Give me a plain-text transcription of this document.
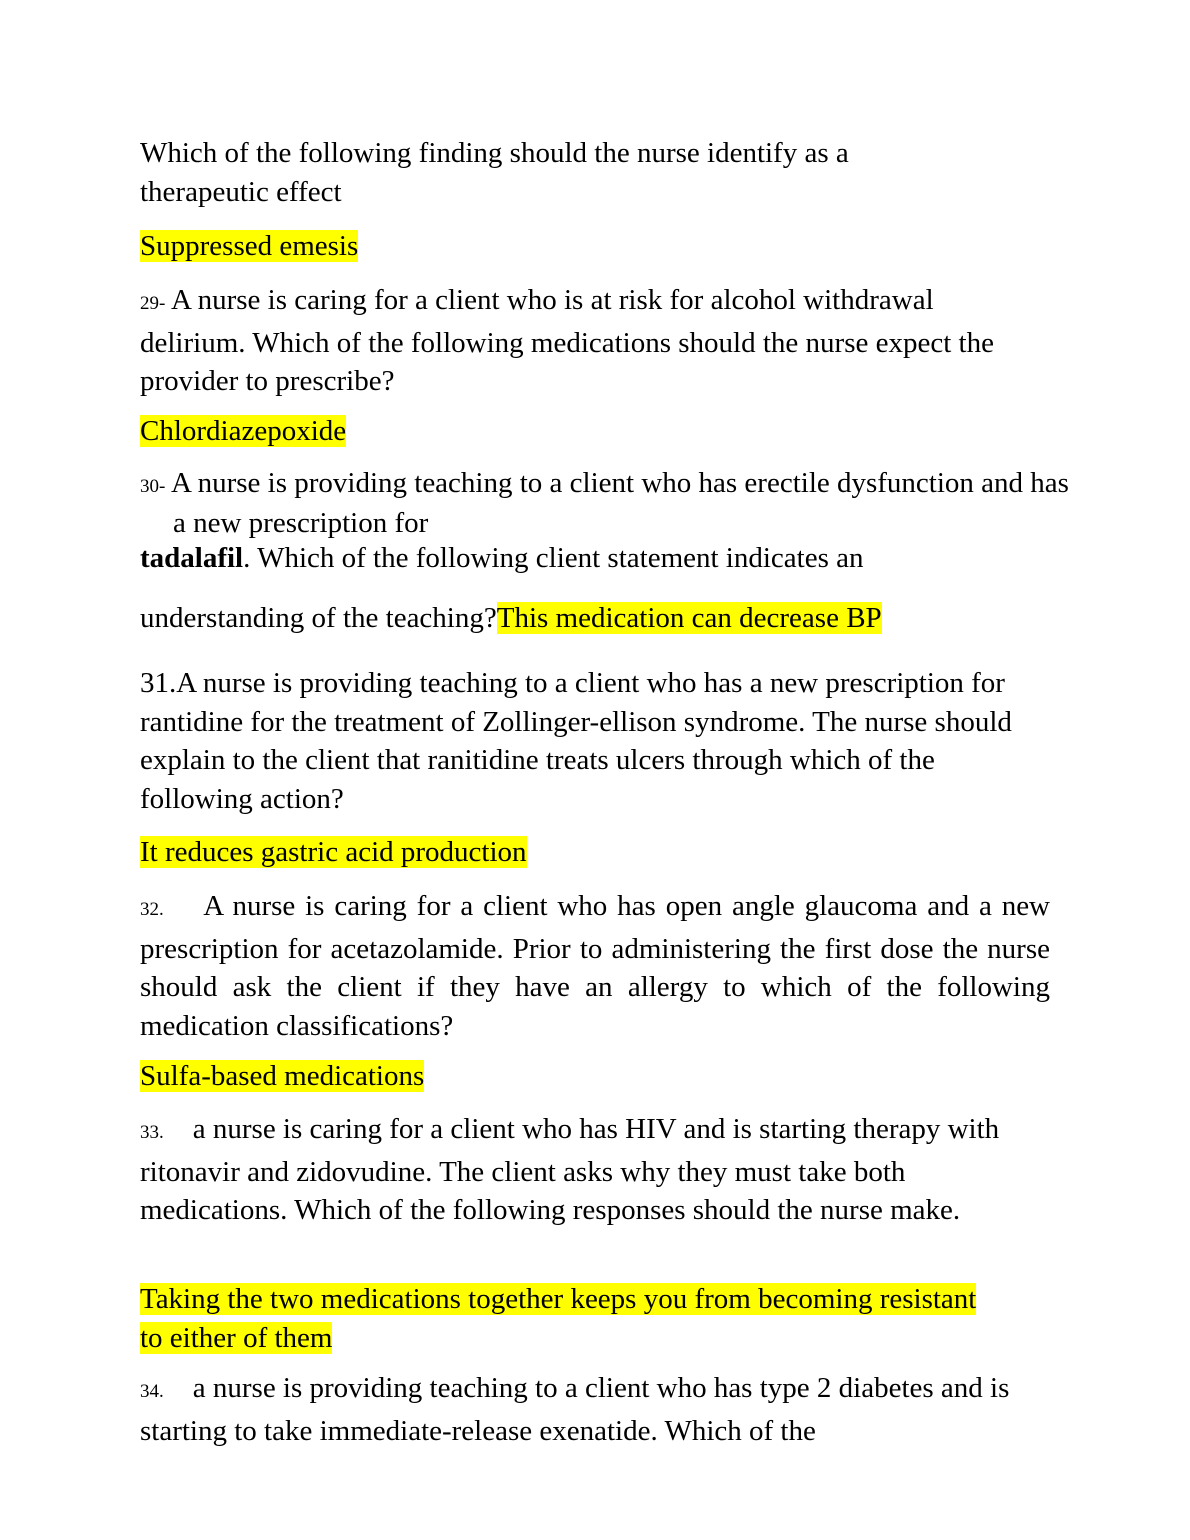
Which of the following finding should the nurse identify as a therapeutic effect

Suppressed emesis

29- A nurse is caring for a client who is at risk for alcohol withdrawal delirium. Which of the following medications should the nurse expect the provider to prescribe?

Chlordiazepoxide

30- A nurse is providing teaching to a client who has erectile dysfunction and has a new prescription for

tadalafil. Which of the following client statement indicates an

understanding of the teaching?This medication can decrease BP

31.A nurse is providing teaching to a client who has a new prescription for rantidine for the treatment of Zollinger-ellison syndrome. The nurse should explain to the client that ranitidine treats ulcers through which of the following action?

It reduces gastric acid production

32. A nurse is caring for a client who has open angle glaucoma and a new prescription for acetazolamide. Prior to administering the first dose the nurse should ask the client if they have an allergy to which of the following medication classifications?

Sulfa-based medications

33. a nurse is caring for a client who has HIV and is starting therapy with ritonavir and zidovudine. The client asks why they must take both medications. Which of the following responses should the nurse make.

Taking the two medications together keeps you from becoming resistant
to either of them

34. a nurse is providing teaching to a client who has type 2 diabetes and is starting to take immediate-release exenatide. Which of the
